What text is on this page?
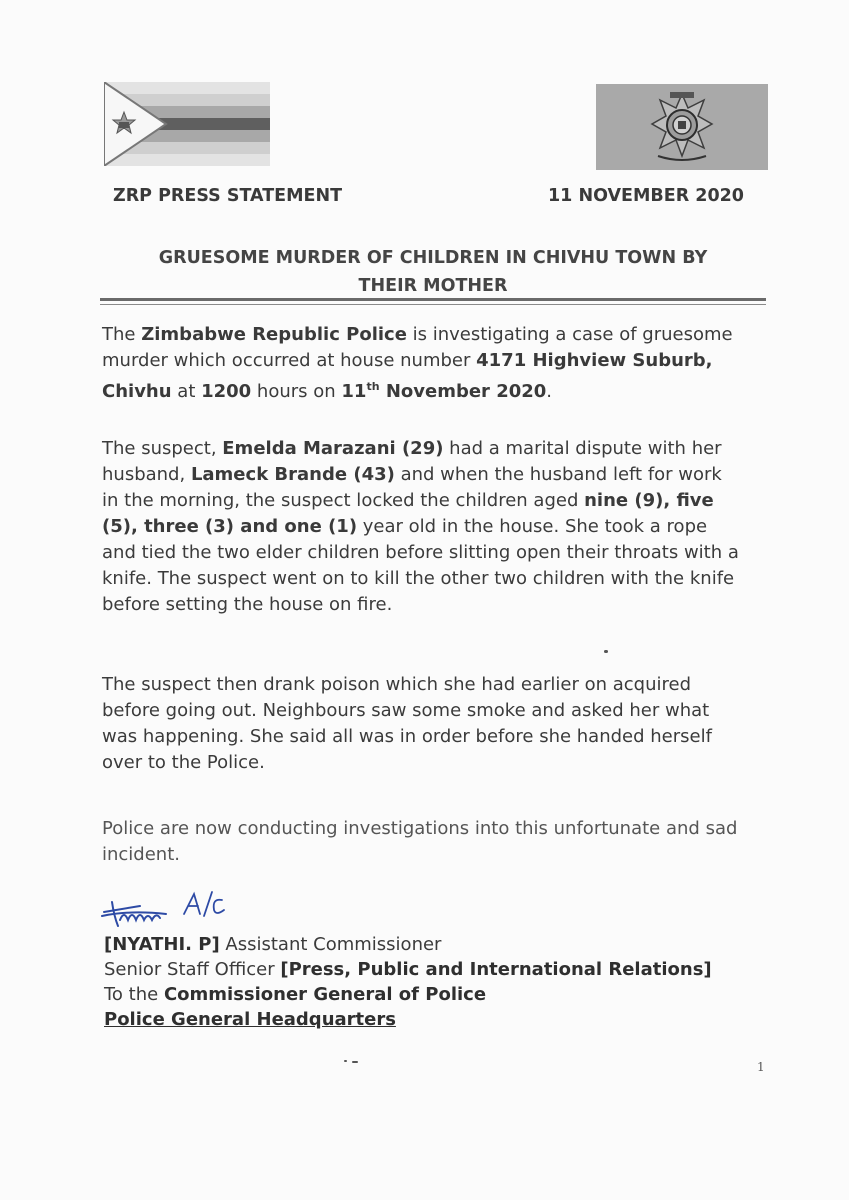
ZRP PRESS STATEMENT	11 NOVEMBER 2020
GRUESOME MURDER OF CHILDREN IN CHIVHU TOWN BY
THEIR MOTHER
The Zimbabwe Republic Police is investigating a case of gruesome
murder which occurred at house number 4171 Highview Suburb,
Chivhu at 1200 hours on 11th November 2020.
The suspect, Emelda Marazani (29) had a marital dispute with her
husband, Lameck Brande (43) and when the husband left for work
in the morning, the suspect locked the children aged nine (9), five
(5), three (3) and one (1) year old in the house. She took a rope
and tied the two elder children before slitting open their throats with a
knife. The suspect went on to kill the other two children with the knife
before setting the house on fire.
The suspect then drank poison which she had earlier on acquired
before going out. Neighbours saw some smoke and asked her what
was happening. She said all was in order before she handed herself
over to the Police.
Police are now conducting investigations into this unfortunate and sad
incident.
[NYATHI. P] Assistant Commissioner
Senior Staff Officer [Press, Public and International Relations]
To the Commissioner General of Police
Police General Headquarters
1
